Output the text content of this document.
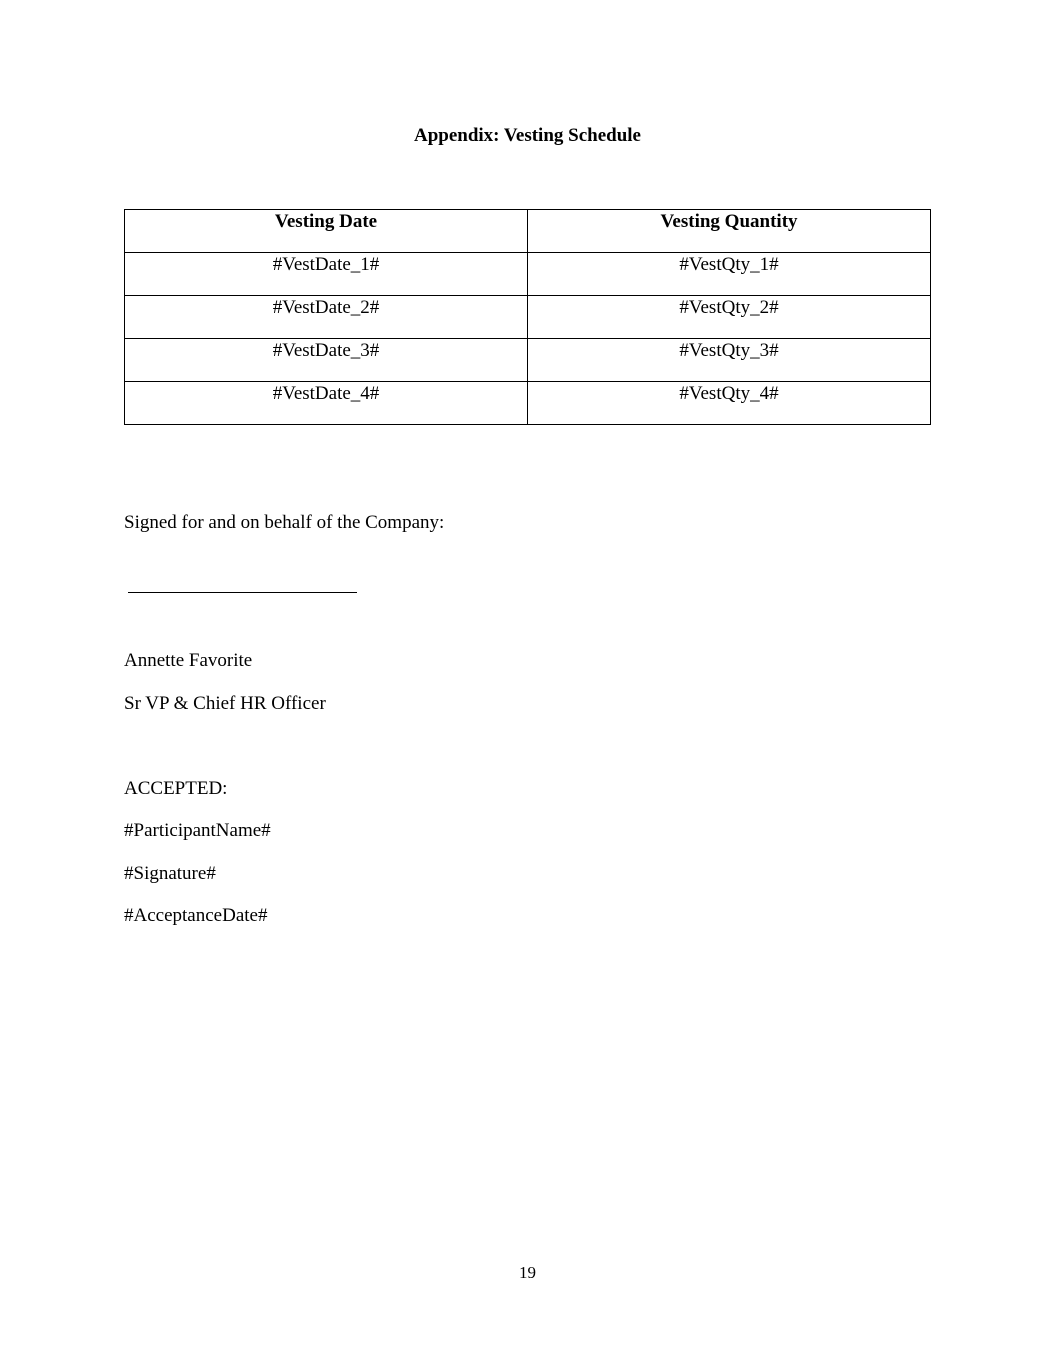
Appendix: Vesting Schedule
Vesting Date	Vesting Quantity

#VestDate_1#	#VestQty_1#

#VestDate_2#	#VestQty_2#

#VestDate_3#	#VestQty_3#

#VestDate_4#	#VestQty_4#
Signed for and on behalf of the Company:
Annette Favorite
Sr VP & Chief HR Officer
ACCEPTED:
#ParticipantName#
#Signature#
#AcceptanceDate#
19
